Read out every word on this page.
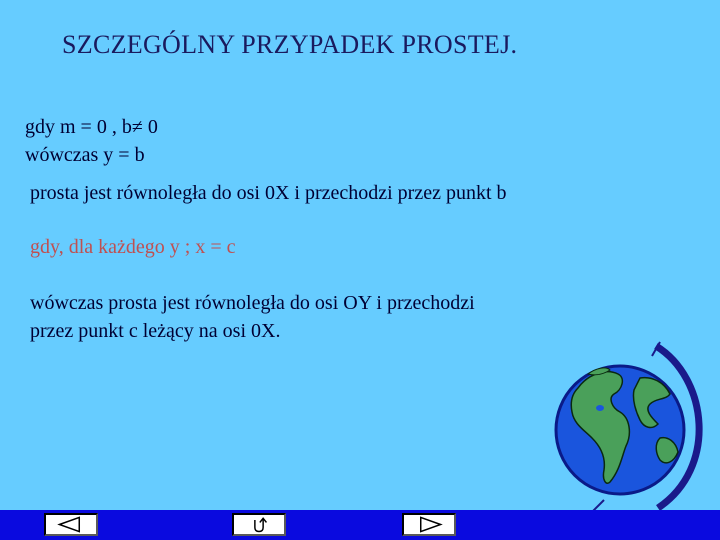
SZCZEGÓLNY PRZYPADEK PROSTEJ.
gdy m = 0 , b≠ 0
wówczas y = b
prosta jest równoległa do osi 0X i przechodzi przez punkt b
gdy, dla każdego y ; x = c
wówczas prosta jest równoległa do osi OY i przechodzi
przez punkt c leżący na osi 0X.
